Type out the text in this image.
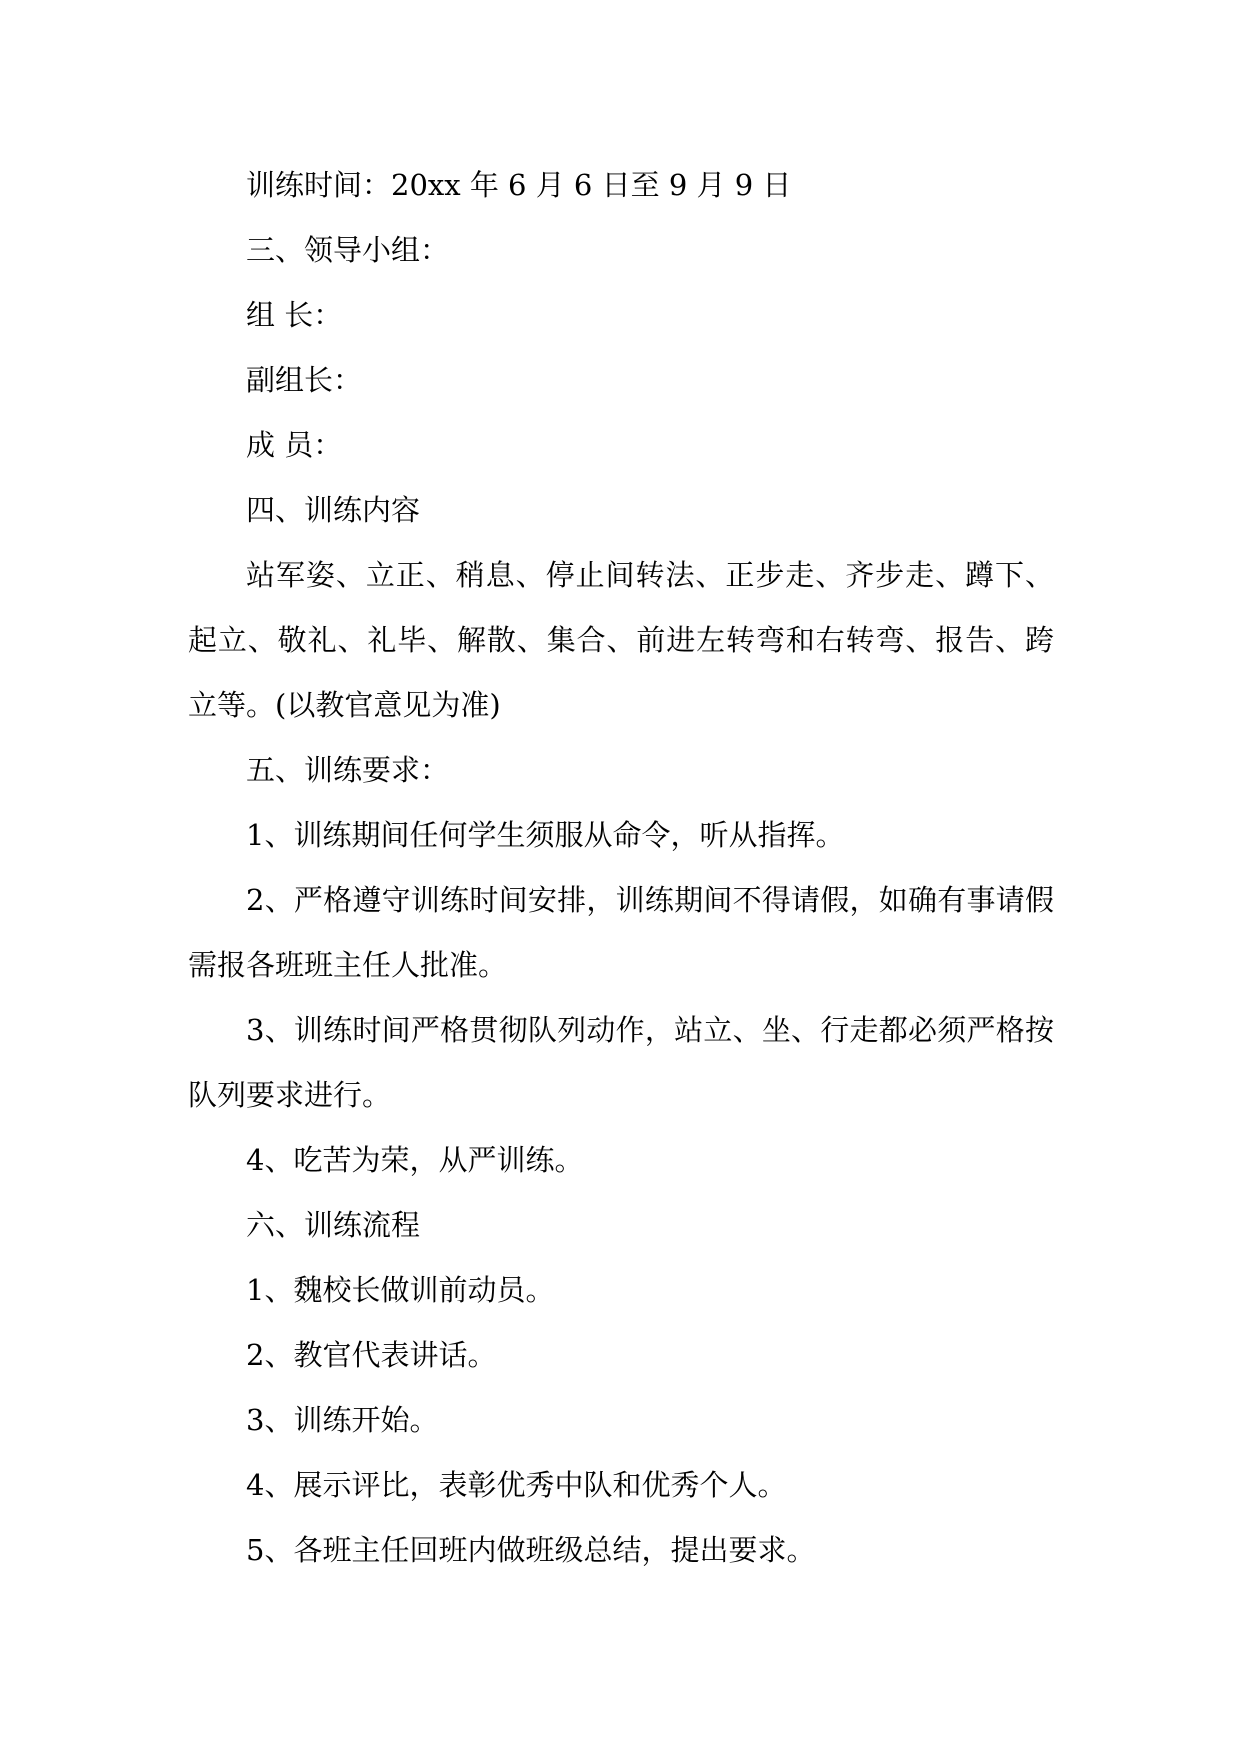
训练时间：20xx 年 6 月 6 日至 9 月 9 日

三、领导小组：

组 长：

副组长：

成 员：

四、训练内容

站军姿、立正、稍息、停止间转法、正步走、齐步走、蹲下、起立、敬礼、礼毕、解散、集合、前进左转弯和右转弯、报告、跨立等。(以教官意见为准)

五、训练要求：

1、训练期间任何学生须服从命令，听从指挥。

2、严格遵守训练时间安排，训练期间不得请假，如确有事请假需报各班班主任人批准。

3、训练时间严格贯彻队列动作，站立、坐、行走都必须严格按队列要求进行。

4、吃苦为荣，从严训练。

六、训练流程

1、魏校长做训前动员。

2、教官代表讲话。

3、训练开始。

4、展示评比，表彰优秀中队和优秀个人。

5、各班主任回班内做班级总结，提出要求。
